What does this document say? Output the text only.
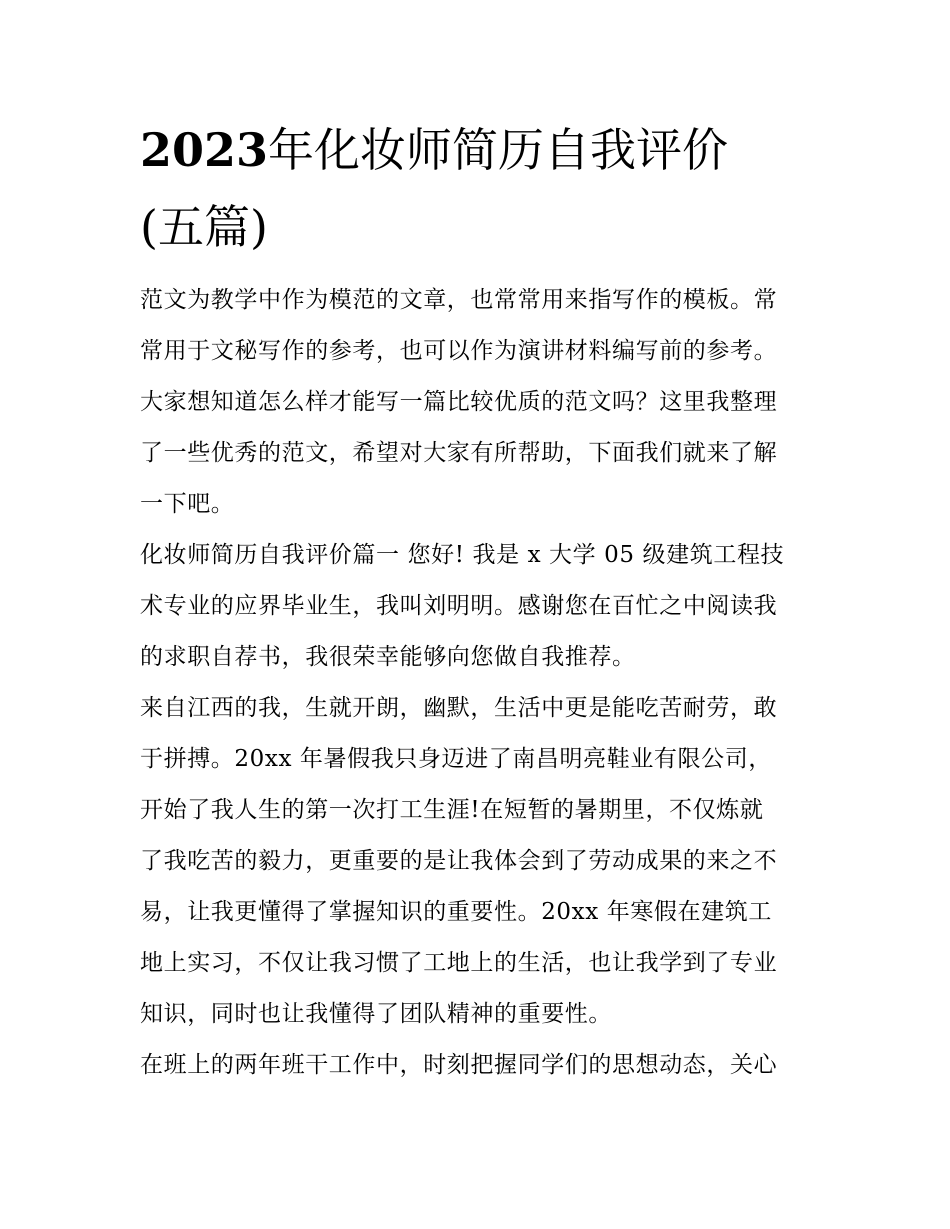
2023年化妆师简历自我评价
(五篇)
范文为教学中作为模范的文章，也常常用来指写作的模板。常
常用于文秘写作的参考，也可以作为演讲材料编写前的参考。
大家想知道怎么样才能写一篇比较优质的范文吗？这里我整理
了一些优秀的范文，希望对大家有所帮助，下面我们就来了解
一下吧。
化妆师简历自我评价篇一 您好! 我是 x 大学 05 级建筑工程技
术专业的应界毕业生，我叫刘明明。感谢您在百忙之中阅读我
的求职自荐书，我很荣幸能够向您做自我推荐。
来自江西的我，生就开朗，幽默，生活中更是能吃苦耐劳，敢
于拼搏。20xx 年暑假我只身迈进了南昌明亮鞋业有限公司，
开始了我人生的第一次打工生涯!在短暂的暑期里，不仅炼就
了我吃苦的毅力，更重要的是让我体会到了劳动成果的来之不
易，让我更懂得了掌握知识的重要性。20xx 年寒假在建筑工
地上实习，不仅让我习惯了工地上的生活，也让我学到了专业
知识，同时也让我懂得了团队精神的重要性。
在班上的两年班干工作中，时刻把握同学们的思想动态，关心
